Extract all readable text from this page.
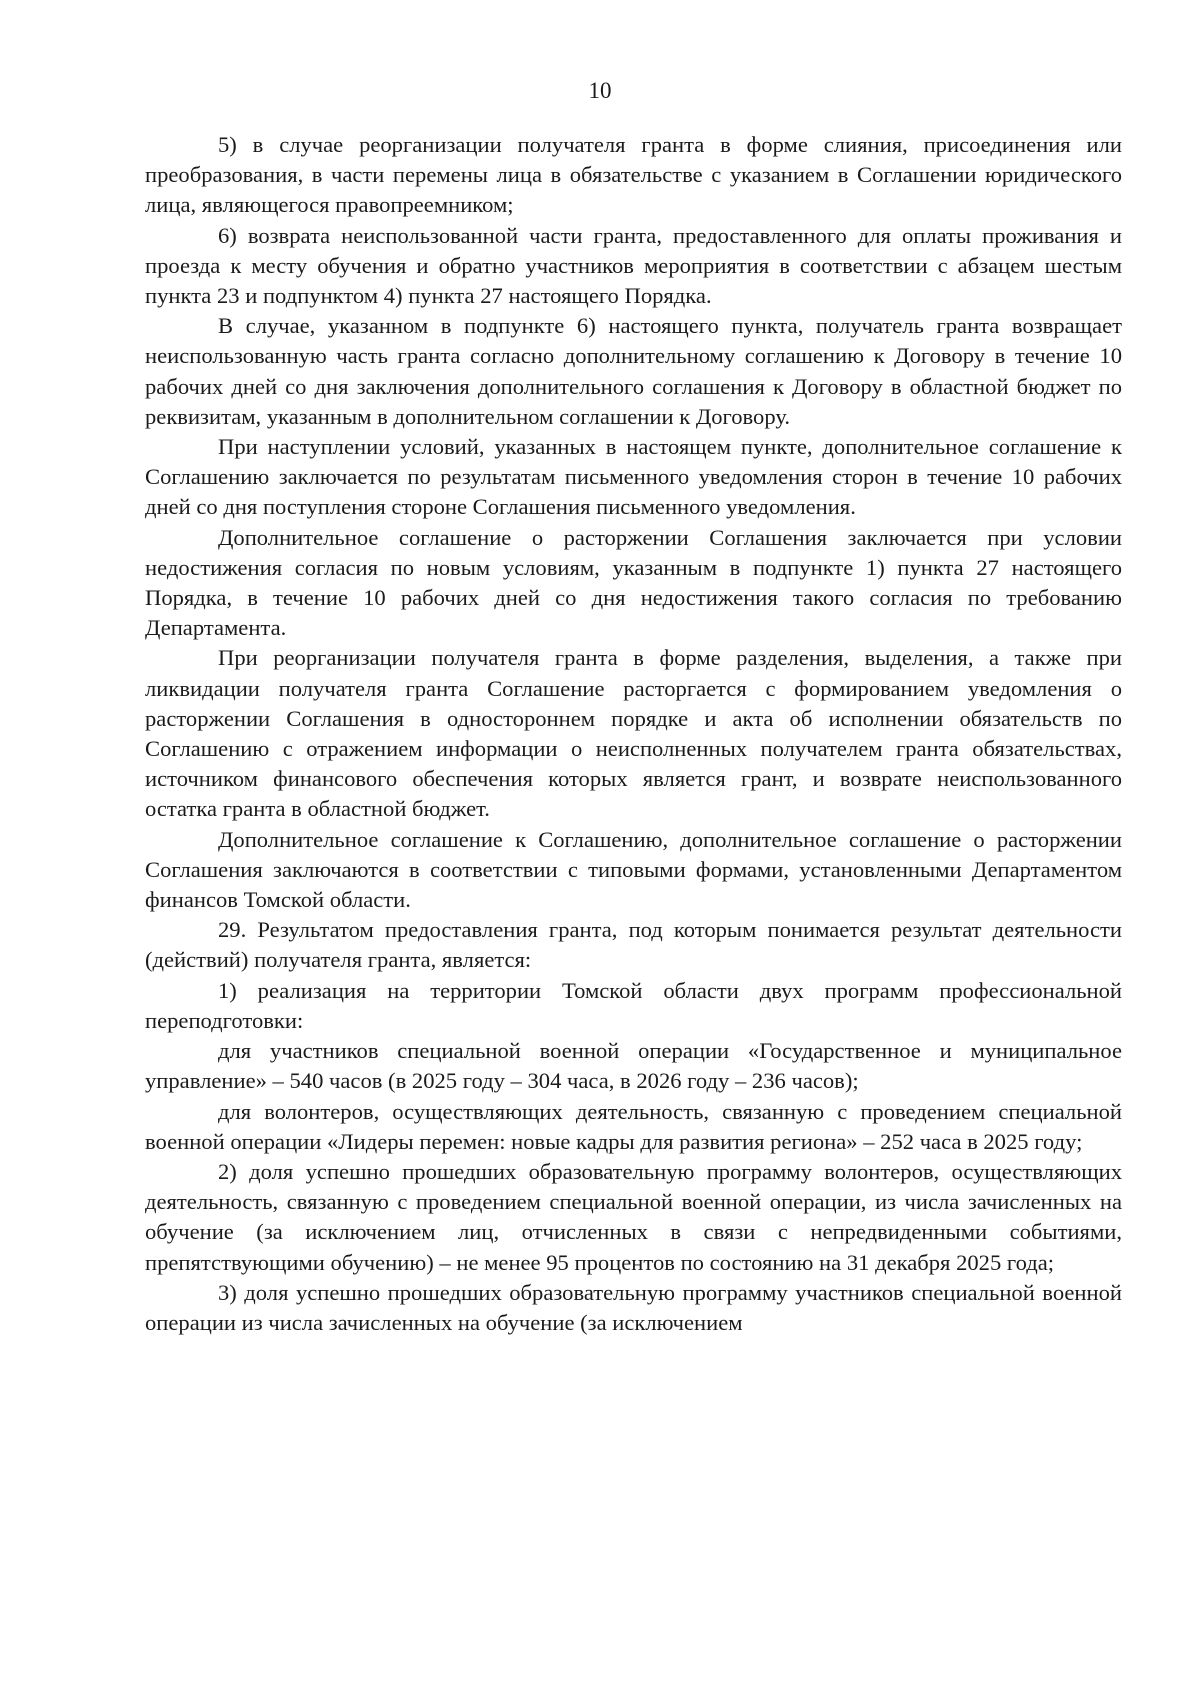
10

5) в случае реорганизации получателя гранта в форме слияния, присоединения или преобразования, в части перемены лица в обязательстве с указанием в Соглашении юридического лица, являющегося правопреемником;

6) возврата неиспользованной части гранта, предоставленного для оплаты проживания и проезда к месту обучения и обратно участников мероприятия в соответствии с абзацем шестым пункта 23 и подпунктом 4) пункта 27 настоящего Порядка.

В случае, указанном в подпункте 6) настоящего пункта, получатель гранта возвращает неиспользованную часть гранта согласно дополнительному соглашению к Договору в течение 10 рабочих дней со дня заключения дополнительного соглашения к Договору в областной бюджет по реквизитам, указанным в дополнительном соглашении к Договору.

При наступлении условий, указанных в настоящем пункте, дополнительное соглашение к Соглашению заключается по результатам письменного уведомления сторон в течение 10 рабочих дней со дня поступления стороне Соглашения письменного уведомления.

Дополнительное соглашение о расторжении Соглашения заключается при условии недостижения согласия по новым условиям, указанным в подпункте 1) пункта 27 настоящего Порядка, в течение 10 рабочих дней со дня недостижения такого согласия по требованию Департамента.

При реорганизации получателя гранта в форме разделения, выделения, а также при ликвидации получателя гранта Соглашение расторгается с формированием уведомления о расторжении Соглашения в одностороннем порядке и акта об исполнении обязательств по Соглашению с отражением информации о неисполненных получателем гранта обязательствах, источником финансового обеспечения которых является грант, и возврате неиспользованного остатка гранта в областной бюджет.

Дополнительное соглашение к Соглашению, дополнительное соглашение о расторжении Соглашения заключаются в соответствии с типовыми формами, установленными Департаментом финансов Томской области.

29. Результатом предоставления гранта, под которым понимается результат деятельности (действий) получателя гранта, является:

1) реализация на территории Томской области двух программ профессиональной переподготовки:

для участников специальной военной операции «Государственное и муниципальное управление» – 540 часов (в 2025 году – 304 часа, в 2026 году – 236 часов);

для волонтеров, осуществляющих деятельность, связанную с проведением специальной военной операции «Лидеры перемен: новые кадры для развития региона» – 252 часа в 2025 году;

2) доля успешно прошедших образовательную программу волонтеров, осуществляющих деятельность, связанную с проведением специальной военной операции, из числа зачисленных на обучение (за исключением лиц, отчисленных в связи с непредвиденными событиями, препятствующими обучению) – не менее 95 процентов по состоянию на 31 декабря 2025 года;

3) доля успешно прошедших образовательную программу участников специальной военной операции из числа зачисленных на обучение (за исключением
